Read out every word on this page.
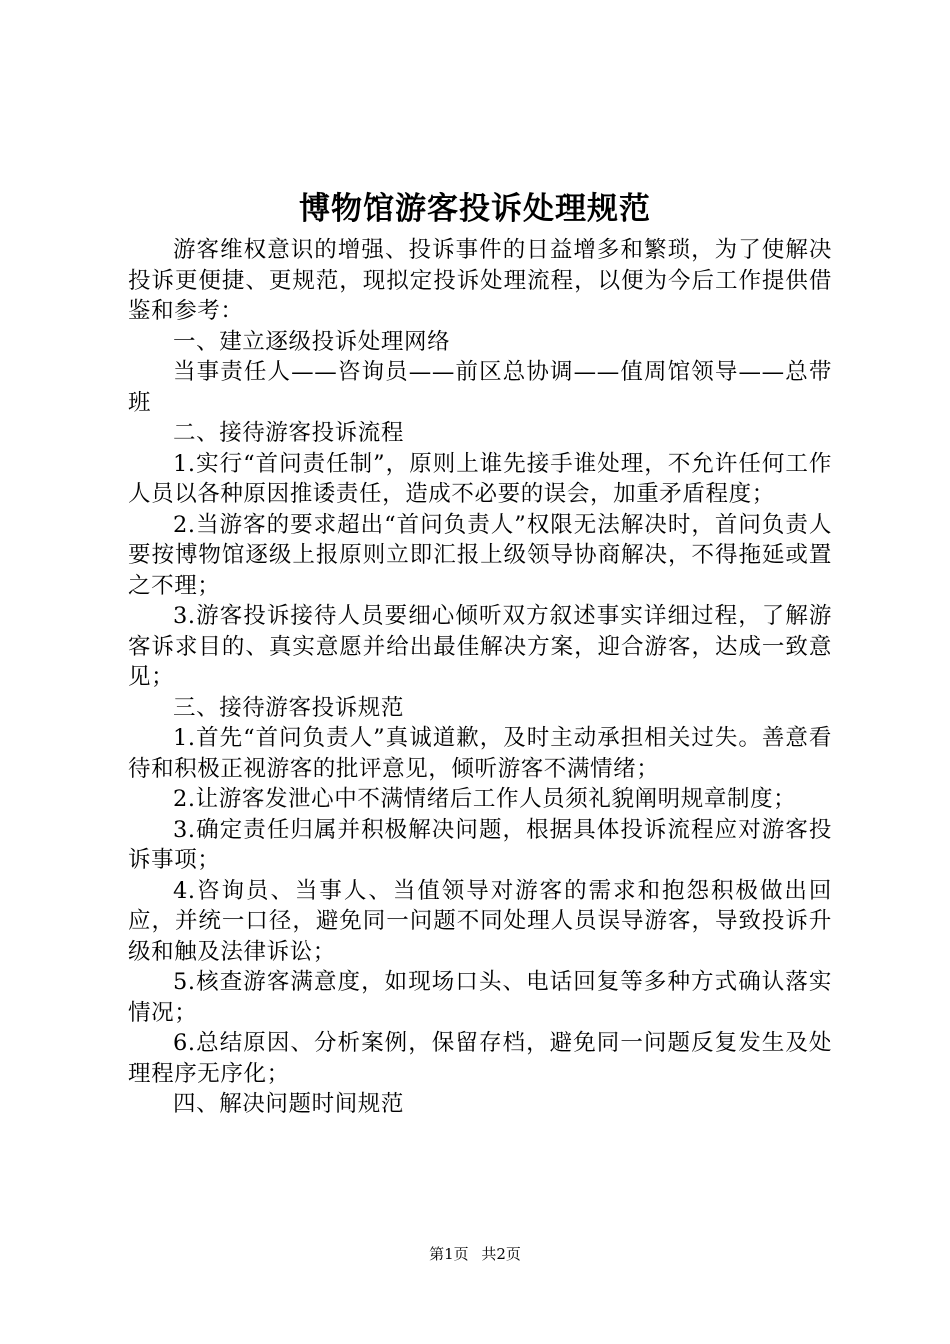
博物馆游客投诉处理规范

游客维权意识的增强、投诉事件的日益增多和繁琐，为了使解决投诉更便捷、更规范，现拟定投诉处理流程，以便为今后工作提供借鉴和参考：

一、建立逐级投诉处理网络

当事责任人——咨询员——前区总协调——值周馆领导——总带班

二、接待游客投诉流程

1.实行“首问责任制”，原则上谁先接手谁处理，不允许任何工作人员以各种原因推诿责任，造成不必要的误会，加重矛盾程度；

2.当游客的要求超出“首问负责人”权限无法解决时，首问负责人要按博物馆逐级上报原则立即汇报上级领导协商解决，不得拖延或置之不理；

3.游客投诉接待人员要细心倾听双方叙述事实详细过程，了解游客诉求目的、真实意愿并给出最佳解决方案，迎合游客，达成一致意见；

三、接待游客投诉规范

1.首先“首问负责人”真诚道歉，及时主动承担相关过失。善意看待和积极正视游客的批评意见，倾听游客不满情绪；

2.让游客发泄心中不满情绪后工作人员须礼貌阐明规章制度；

3.确定责任归属并积极解决问题，根据具体投诉流程应对游客投诉事项；

4.咨询员、当事人、当值领导对游客的需求和抱怨积极做出回应，并统一口径，避免同一问题不同处理人员误导游客，导致投诉升级和触及法律诉讼；

5.核查游客满意度，如现场口头、电话回复等多种方式确认落实情况；

6.总结原因、分析案例，保留存档，避免同一问题反复发生及处理程序无序化；

四、解决问题时间规范

第1页 共2页
